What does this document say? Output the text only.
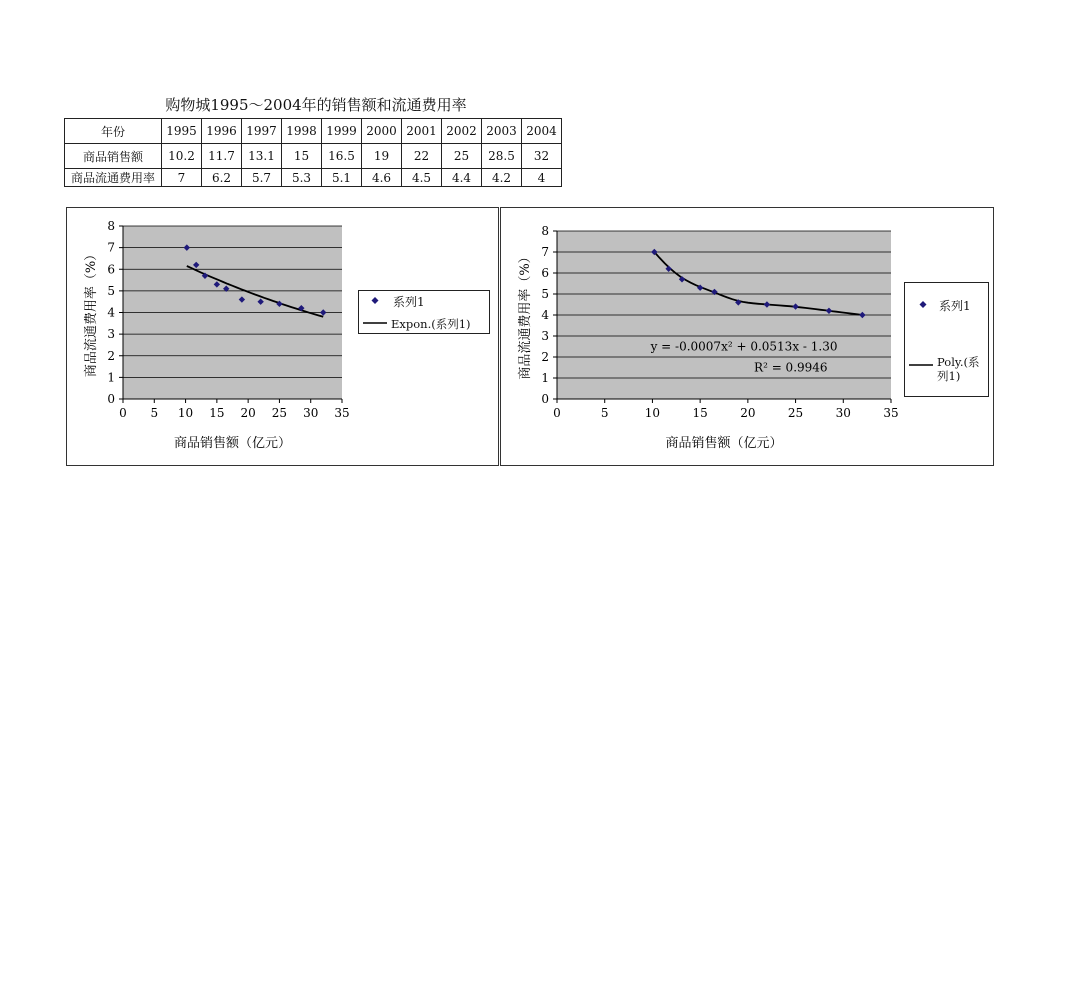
购物城1995～2004年的销售额和流通费用率
年份	1995	1996	1997	1998	1999	2000	2001	2002	2003	2004
商品销售额	10.2	11.7	13.1	15	16.5	19	22	25	28.5	32
商品流通费用率	7	6.2	5.7	5.3	5.1	4.6	4.5	4.4	4.2	4
0
1
2
3
4
5
6
7
8
0 5 10 15 20 25 30 35
商品销售额（亿元）
商品流通费用率（%）	系列1
Expon.(系列1)
0
1
2
3
4
5
6
7
8
0	5	10	15	20	25	30	35
商品销售额（亿元）
商品流通费用率（%）	y = -0.0007x² + 0.0513x - 1.30
R² = 0.9946
系列1
Poly.(系列1)
